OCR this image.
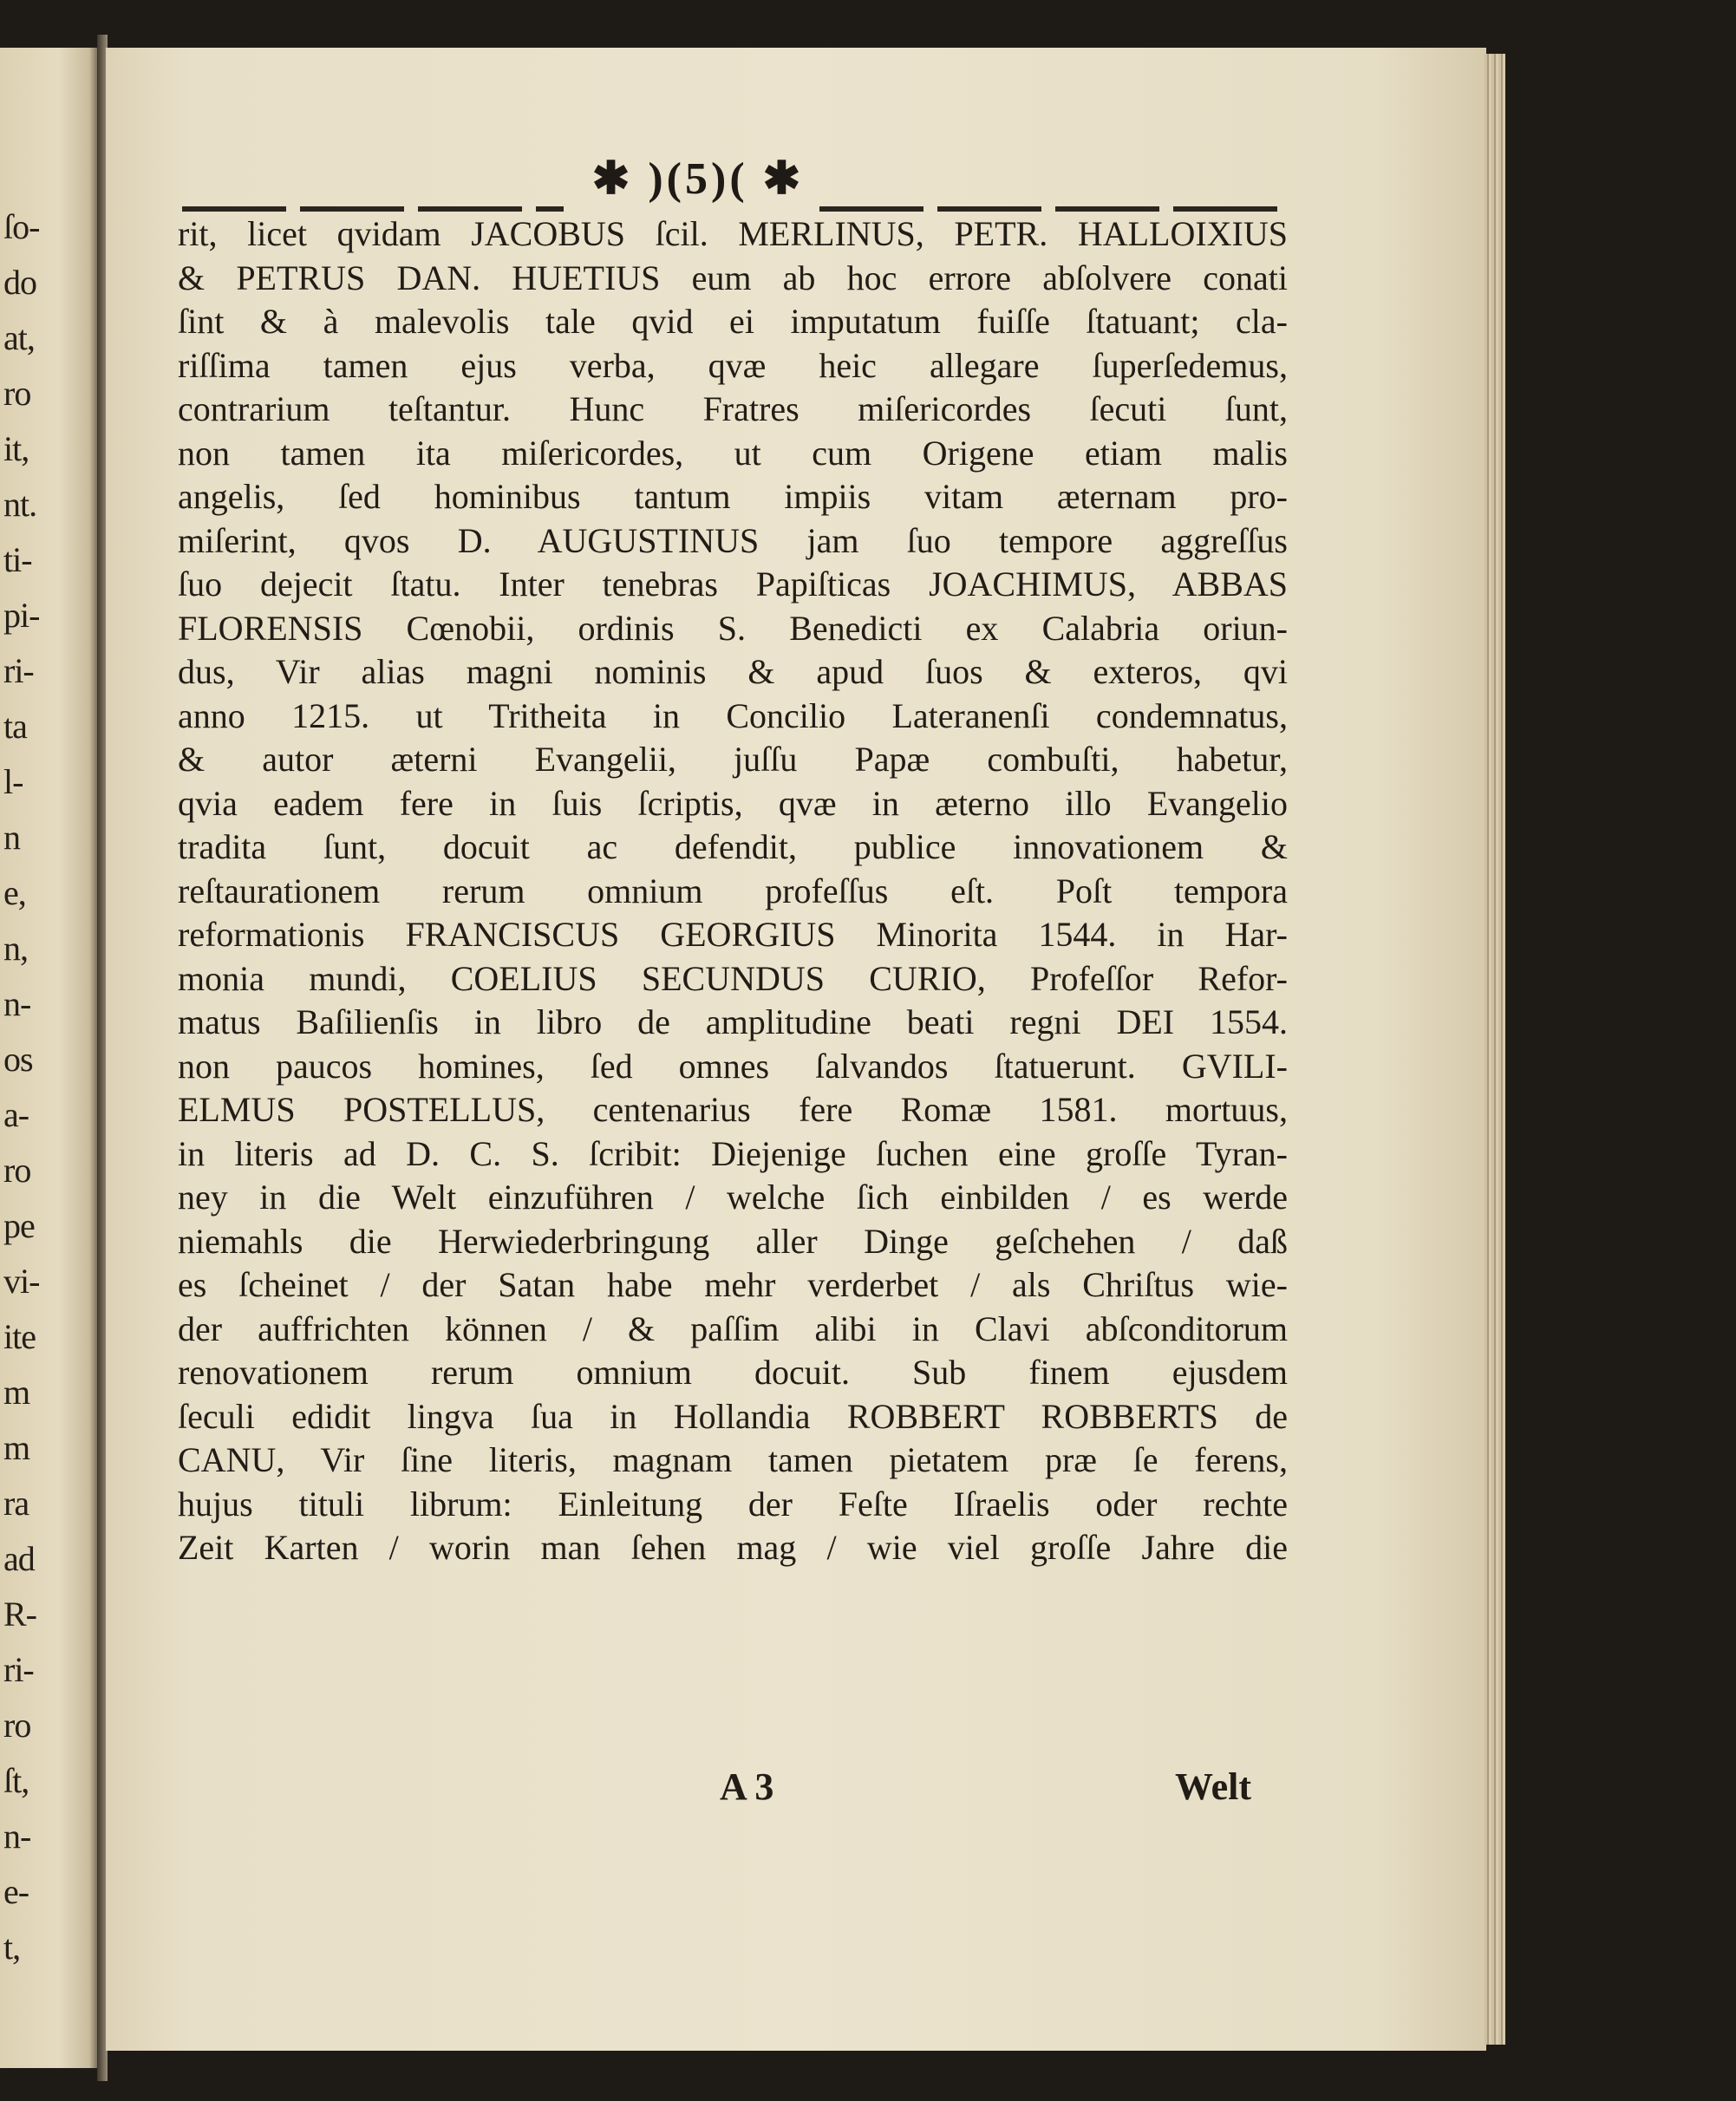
ſo-
do
at,
ro
it,
nt.
ti-
pi-
ri-
ta
l-
n
e,
n,
n-
os
a-
ro
pe
vi-
ite
m
m
ra
ad
R-
ri-
ro
ſt,
n-
e-
t,
✱ )(5)( ✱
rit, licet qvidam JACOBUS ſcil. MERLINUS, PETR. HALLOIXIUS
& PETRUS DAN. HUETIUS eum ab hoc errore abſolvere conati
ſint & à malevolis tale qvid ei imputatum fuiſſe ſtatuant; cla-
riſſima tamen ejus verba, qvæ heic allegare ſuperſedemus,
contrarium teſtantur. Hunc Fratres miſericordes ſecuti ſunt,
non tamen ita miſericordes, ut cum Origene etiam malis
angelis, ſed hominibus tantum impiis vitam æternam pro-
miſerint, qvos D. AUGUSTINUS jam ſuo tempore aggreſſus
ſuo dejecit ſtatu. Inter tenebras Papiſticas JOACHIMUS, ABBAS
FLORENSIS Cœnobii, ordinis S. Benedicti ex Calabria oriun-
dus, Vir alias magni nominis & apud ſuos & exteros, qvi
anno 1215. ut Tritheita in Concilio Lateranenſi condemnatus,
& autor æterni Evangelii, juſſu Papæ combuſti, habetur,
qvia eadem fere in ſuis ſcriptis, qvæ in æterno illo Evangelio
tradita ſunt, docuit ac defendit, publice innovationem &
reſtaurationem rerum omnium profeſſus eſt. Poſt tempora
reformationis FRANCISCUS GEORGIUS Minorita 1544. in Har-
monia mundi, COELIUS SECUNDUS CURIO, Profeſſor Refor-
matus Baſilienſis in libro de amplitudine beati regni DEI 1554.
non paucos homines, ſed omnes ſalvandos ſtatuerunt. GVILI-
ELMUS POSTELLUS, centenarius fere Romæ 1581. mortuus,
in literis ad D. C. S. ſcribit: Diejenige ſuchen eine groſſe Tyran-
ney in die Welt einzuführen / welche ſich einbilden / es werde
niemahls die Herwiederbringung aller Dinge geſchehen / daß
es ſcheinet / der Satan habe mehr verderbet / als Chriſtus wie-
der auffrichten können / & paſſim alibi in Clavi abſconditorum
renovationem rerum omnium docuit. Sub finem ejusdem
ſeculi edidit lingva ſua in Hollandia ROBBERT ROBBERTS de
CANU, Vir ſine literis, magnam tamen pietatem præ ſe ferens,
hujus tituli librum: Einleitung der Feſte Iſraelis oder rechte
Zeit Karten / worin man ſehen mag / wie viel groſſe Jahre die
A 3	Welt
